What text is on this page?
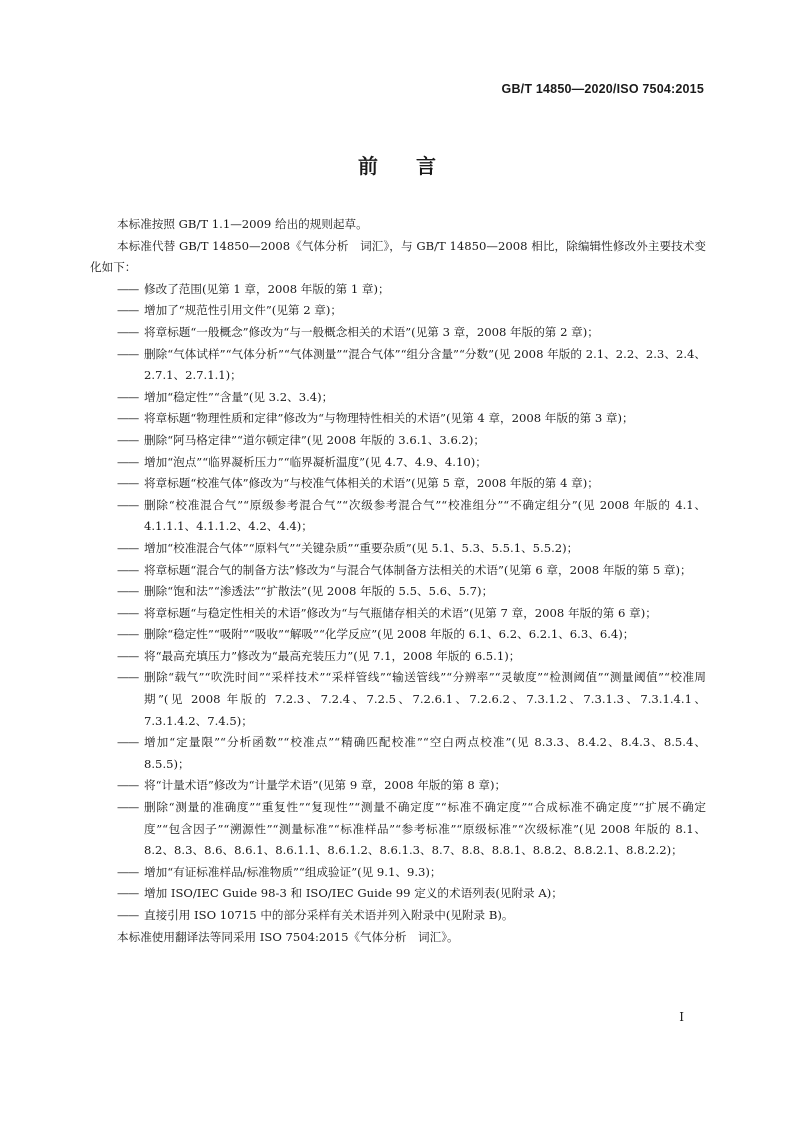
GB/T 14850—2020/ISO 7504:2015
前言

本标准按照 GB/T 1.1—2009 给出的规则起草。

本标准代替 GB/T 14850—2008《气体分析　词汇》，与 GB/T 14850—2008 相比，除编辑性修改外主要技术变化如下：

——
修改了范围(见第 1 章，2008 年版的第 1 章)；
——
增加了“规范性引用文件”(见第 2 章)；
——
将章标题“一般概念”修改为“与一般概念相关的术语”(见第 3 章，2008 年版的第 2 章)；
——
删除“气体试样”“气体分析”“气体测量”“混合气体”“组分含量”“分数”(见 2008 年版的 2.1、2.2、2.3、2.4、2.7.1、2.7.1.1)；
——
增加“稳定性”“含量”(见 3.2、3.4)；
——
将章标题“物理性质和定律”修改为“与物理特性相关的术语”(见第 4 章，2008 年版的第 3 章)；
——
删除“阿马格定律”“道尔顿定律”(见 2008 年版的 3.6.1、3.6.2)；
——
增加“泡点”“临界凝析压力”“临界凝析温度”(见 4.7、4.9、4.10)；
——
将章标题“校准气体”修改为“与校准气体相关的术语”(见第 5 章，2008 年版的第 4 章)；
——
删除“校准混合气”“原级参考混合气”“次级参考混合气”“校准组分”“不确定组分”(见 2008 年版的 4.1、4.1.1.1、4.1.1.2、4.2、4.4)；
——
增加“校准混合气体”“原料气”“关键杂质”“重要杂质”(见 5.1、5.3、5.5.1、5.5.2)；
——
将章标题“混合气的制备方法”修改为“与混合气体制备方法相关的术语”(见第 6 章，2008 年版的第 5 章)；
——
删除“饱和法”“渗透法”“扩散法”(见 2008 年版的 5.5、5.6、5.7)；
——
将章标题“与稳定性相关的术语”修改为“与气瓶储存相关的术语”(见第 7 章，2008 年版的第 6 章)；
——
删除“稳定性”“吸附”“吸收”“解吸”“化学反应”(见 2008 年版的 6.1、6.2、6.2.1、6.3、6.4)；
——
将“最高充填压力”修改为“最高充装压力”(见 7.1，2008 年版的 6.5.1)；
——
删除“载气”“吹洗时间”“采样技术”“采样管线”“输送管线”“分辨率”“灵敏度”“检测阈值”“测量阈值”“校准周期”(见 2008 年版的 7.2.3、7.2.4、7.2.5、7.2.6.1、7.2.6.2、7.3.1.2、7.3.1.3、7.3.1.4.1、7.3.1.4.2、7.4.5)；
——
增加“定量限”“分析函数”“校准点”“精确匹配校准”“空白两点校准”(见 8.3.3、8.4.2、8.4.3、8.5.4、8.5.5)；
——
将“计量术语”修改为“计量学术语”(见第 9 章，2008 年版的第 8 章)；
——
删除“测量的准确度”“重复性”“复现性”“测量不确定度”“标准不确定度”“合成标准不确定度”“扩展不确定度”“包含因子”“溯源性”“测量标准”“标准样品”“参考标准”“原级标准”“次级标准”(见 2008 年版的 8.1、8.2、8.3、8.6、8.6.1、8.6.1.1、8.6.1.2、8.6.1.3、8.7、8.8、8.8.1、8.8.2、8.8.2.1、8.8.2.2)；
——
增加“有证标准样品/标准物质”“组成验证”(见 9.1、9.3)；
——
增加 ISO/IEC Guide 98-3 和 ISO/IEC Guide 99 定义的术语列表(见附录 A)；
——
直接引用 ISO 10715 中的部分采样有关术语并列入附录中(见附录 B)。

本标准使用翻译法等同采用 ISO 7504:2015《气体分析　词汇》。

I
